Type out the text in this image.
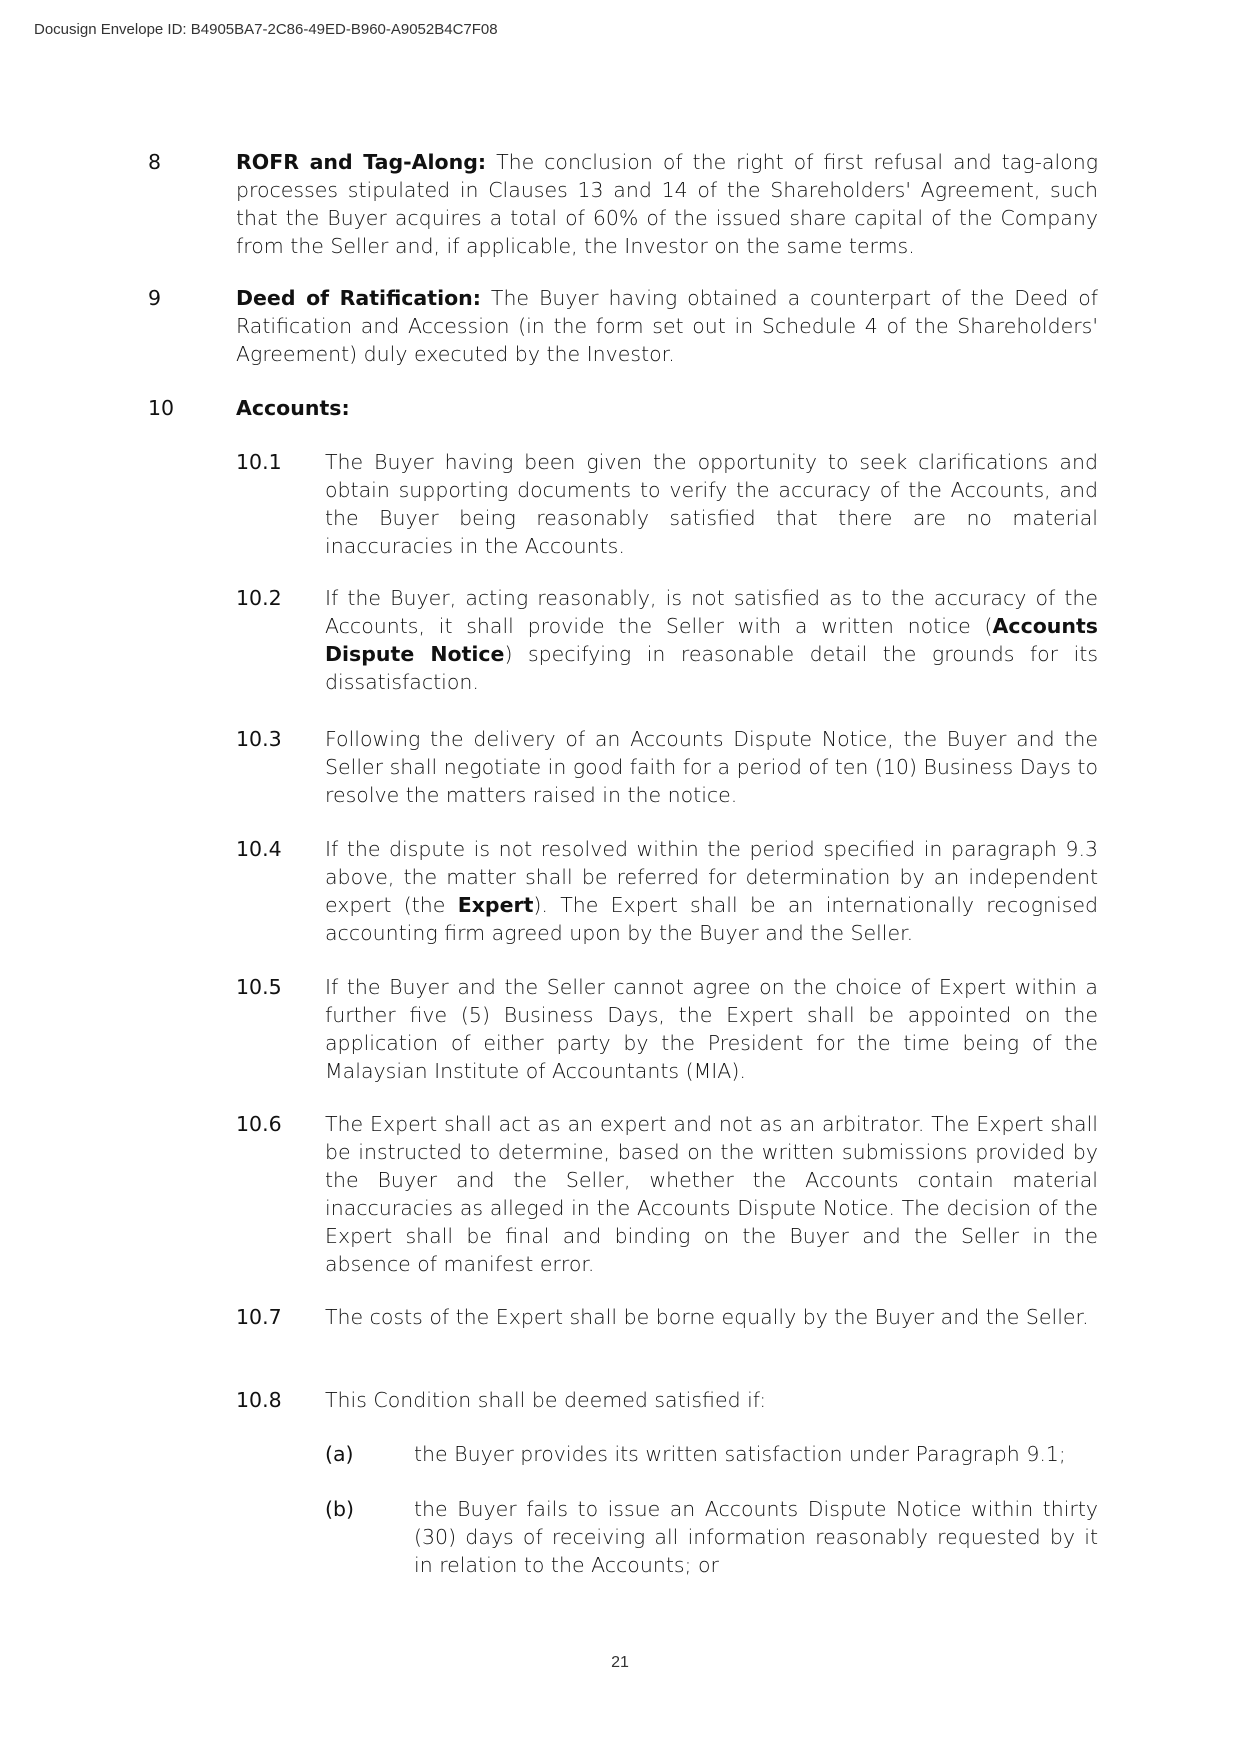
Docusign Envelope ID: B4905BA7-2C86-49ED-B960-A9052B4C7F08
8	ROFR and Tag-Along: The conclusion of the right of first refusal and tag-along processes stipulated in Clauses 13 and 14 of the Shareholders' Agreement, such that the Buyer acquires a total of 60% of the issued share capital of the Company from the Seller and, if applicable, the Investor on the same terms.
9	Deed of Ratification: The Buyer having obtained a counterpart of the Deed of Ratification and Accession (in the form set out in Schedule 4 of the Shareholders' Agreement) duly executed by the Investor.
10	Accounts:
10.1 The Buyer having been given the opportunity to seek clarifications and obtain supporting documents to verify the accuracy of the Accounts, and the Buyer being reasonably satisfied that there are no material inaccuracies in the Accounts.
10.2 If the Buyer, acting reasonably, is not satisfied as to the accuracy of the Accounts, it shall provide the Seller with a written notice (Accounts Dispute Notice) specifying in reasonable detail the grounds for its dissatisfaction.
10.3 Following the delivery of an Accounts Dispute Notice, the Buyer and the Seller shall negotiate in good faith for a period of ten (10) Business Days to resolve the matters raised in the notice.
10.4 If the dispute is not resolved within the period specified in paragraph 9.3 above, the matter shall be referred for determination by an independent expert (the Expert). The Expert shall be an internationally recognised accounting firm agreed upon by the Buyer and the Seller.
10.5 If the Buyer and the Seller cannot agree on the choice of Expert within a further five (5) Business Days, the Expert shall be appointed on the application of either party by the President for the time being of the Malaysian Institute of Accountants (MIA).
10.6 The Expert shall act as an expert and not as an arbitrator. The Expert shall be instructed to determine, based on the written submissions provided by the Buyer and the Seller, whether the Accounts contain material inaccuracies as alleged in the Accounts Dispute Notice. The decision of the Expert shall be final and binding on the Buyer and the Seller in the absence of manifest error.
10.7 The costs of the Expert shall be borne equally by the Buyer and the Seller.
10.8 This Condition shall be deemed satisfied if:
(a)	the Buyer provides its written satisfaction under Paragraph 9.1;
(b)	the Buyer fails to issue an Accounts Dispute Notice within thirty (30) days of receiving all information reasonably requested by it in relation to the Accounts; or
21
